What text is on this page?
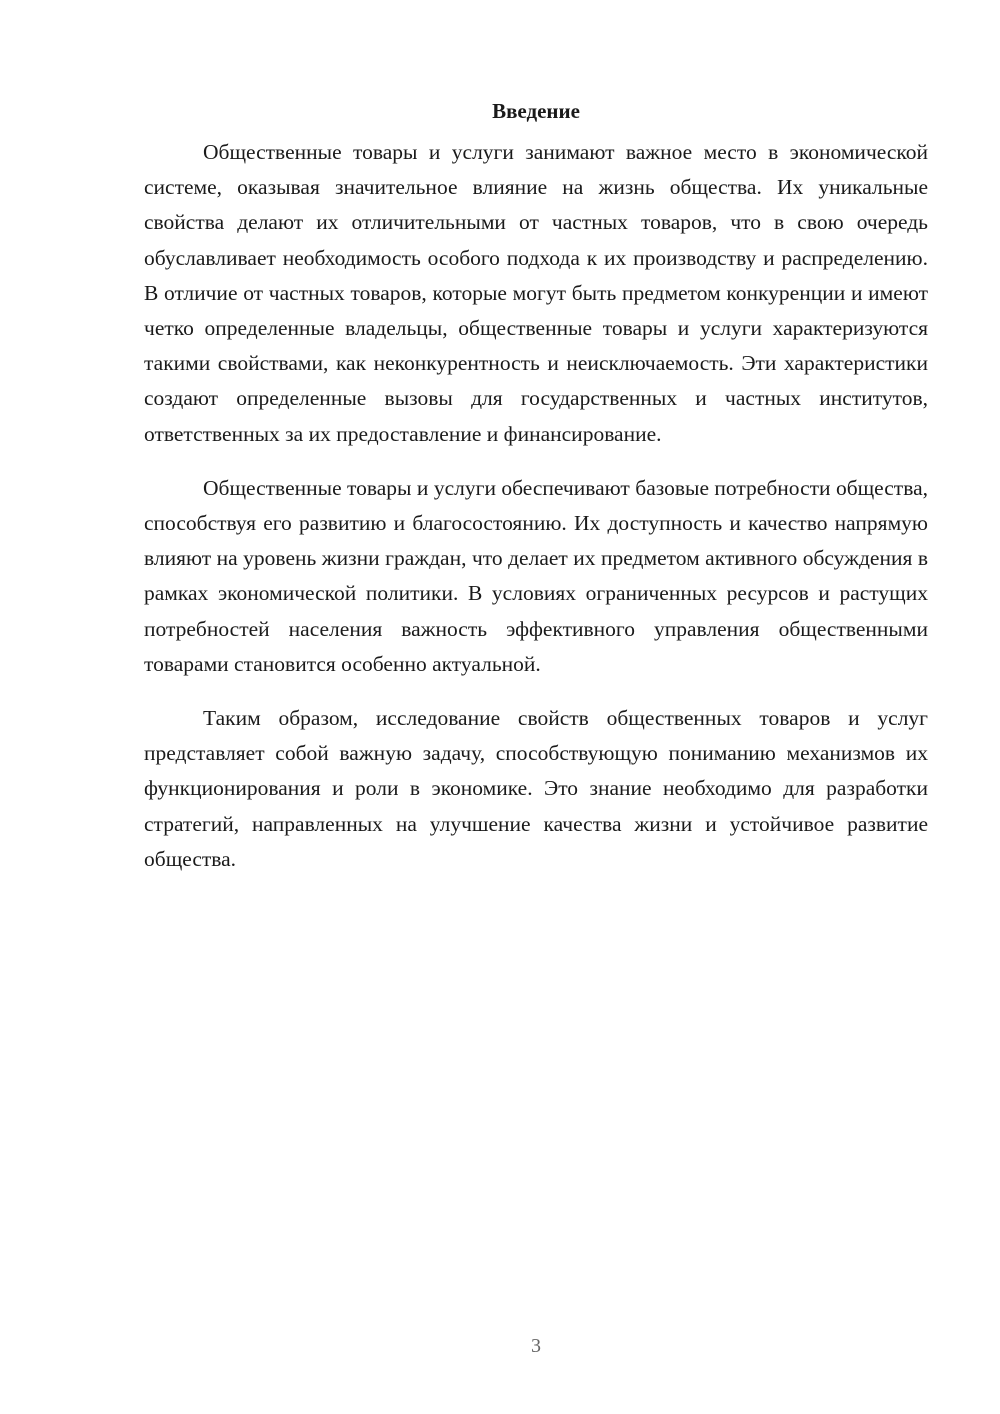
Введение

Общественные товары и услуги занимают важное место в экономической системе, оказывая значительное влияние на жизнь общества. Их уникальные свойства делают их отличительными от частных товаров, что в свою очередь обуславливает необходимость особого подхода к их производству и распределению. В отличие от частных товаров, которые могут быть предметом конкуренции и имеют четко определенные владельцы, общественные товары и услуги характеризуются такими свойствами, как неконкурентность и неисключаемость. Эти характеристики создают определенные вызовы для государственных и частных институтов, ответственных за их предоставление и финансирование.

Общественные товары и услуги обеспечивают базовые потребности общества, способствуя его развитию и благосостоянию. Их доступность и качество напрямую влияют на уровень жизни граждан, что делает их предметом активного обсуждения в рамках экономической политики. В условиях ограниченных ресурсов и растущих потребностей населения важность эффективного управления общественными товарами становится особенно актуальной.

Таким образом, исследование свойств общественных товаров и услуг представляет собой важную задачу, способствующую пониманию механизмов их функционирования и роли в экономике. Это знание необходимо для разработки стратегий, направленных на улучшение качества жизни и устойчивое развитие общества.

3
